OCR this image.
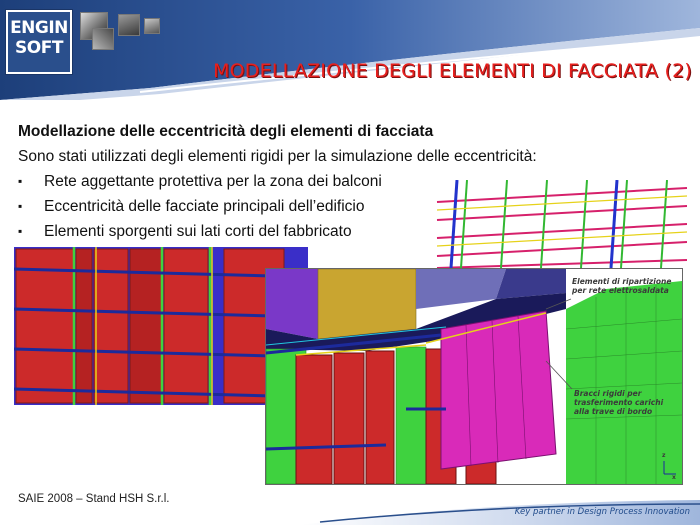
ENGIN
SOFT
MODELLAZIONE DEGLI ELEMENTI DI FACCIATA (2)
Elementi di ripartizione
per rete elettrosaldata
Bracci rigidi per
trasferimento carichi
alla trave di bordo
z
x
Modellazione delle eccentricità degli elementi di facciata
Sono stati utilizzati degli elementi rigidi per la simulazione delle eccentricità:
▪ Rete aggettante protettiva per la zona dei balconi
▪ Eccentricità delle facciate principali dell’edificio
▪ Elementi sporgenti sui lati corti del fabbricato
SAIE 2008 – Stand HSH S.r.l.
Key partner in Design Process Innovation
